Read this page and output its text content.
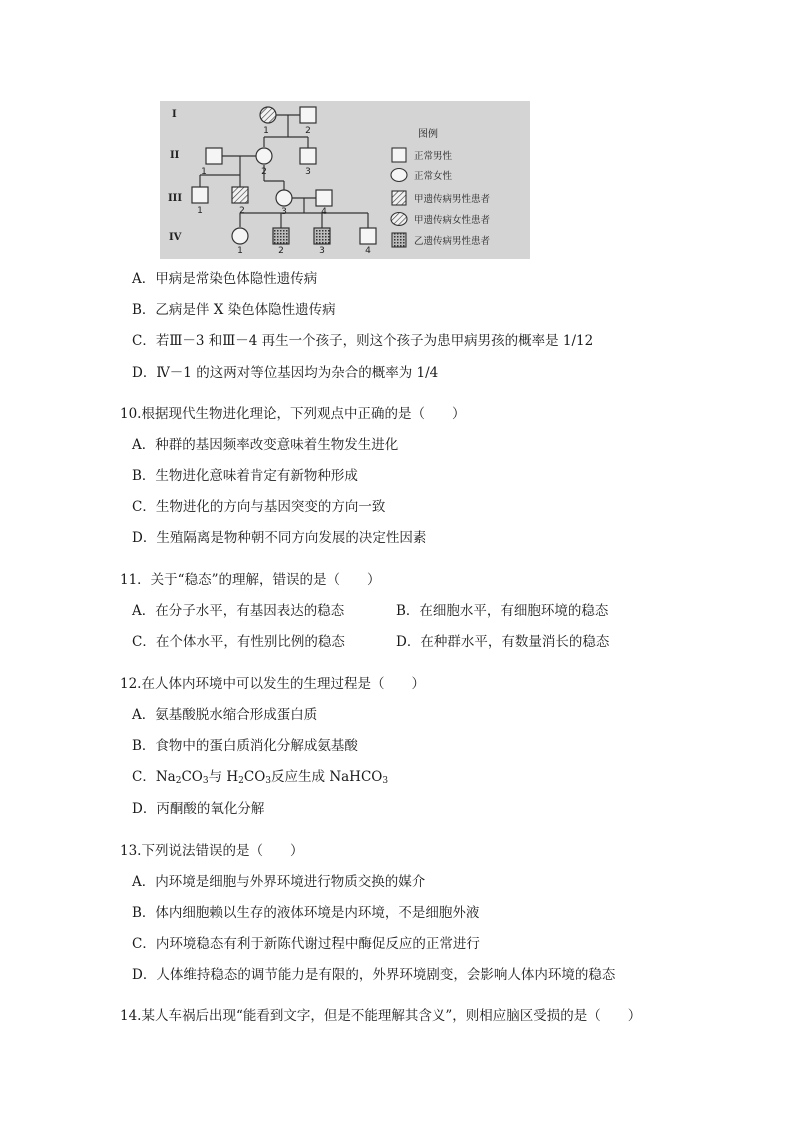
I
II
III
IV
1	2
1	2	3
1	2	3	4
1	2	3	4
图例
正常男性
正常女性
甲遗传病男性患者
甲遗传病女性患者
乙遗传病男性患者
A．甲病是常染色体隐性遗传病
B．乙病是伴 X 染色体隐性遗传病
C．若Ⅲ－3 和Ⅲ－4 再生一个孩子，则这个孩子为患甲病男孩的概率是 1/12
D．Ⅳ－1 的这两对等位基因均为杂合的概率为 1/4
10.根据现代生物进化理论，下列观点中正确的是（　　）
A．种群的基因频率改变意味着生物发生进化
B．生物进化意味着肯定有新物种形成
C．生物进化的方向与基因突变的方向一致
D．生殖隔离是物种朝不同方向发展的决定性因素
11．关于“稳态”的理解，错误的是（　　）
A．在分子水平，有基因表达的稳态	B．在细胞水平，有细胞环境的稳态
C．在个体水平，有性别比例的稳态	D．在种群水平，有数量消长的稳态
12.在人体内环境中可以发生的生理过程是（　　）
A．氨基酸脱水缩合形成蛋白质
B．食物中的蛋白质消化分解成氨基酸
C．$Na_2CO_3$与 $H_2CO_3$反应生成 NaHCO$_3$
D．丙酮酸的氧化分解
13.下列说法错误的是（　　）
A．内环境是细胞与外界环境进行物质交换的媒介
B．体内细胞赖以生存的液体环境是内环境，不是细胞外液
C．内环境稳态有利于新陈代谢过程中酶促反应的正常进行
D．人体维持稳态的调节能力是有限的，外界环境剧变，会影响人体内环境的稳态
14.某人车祸后出现“能看到文字，但是不能理解其含义”，则相应脑区受损的是（　　）
